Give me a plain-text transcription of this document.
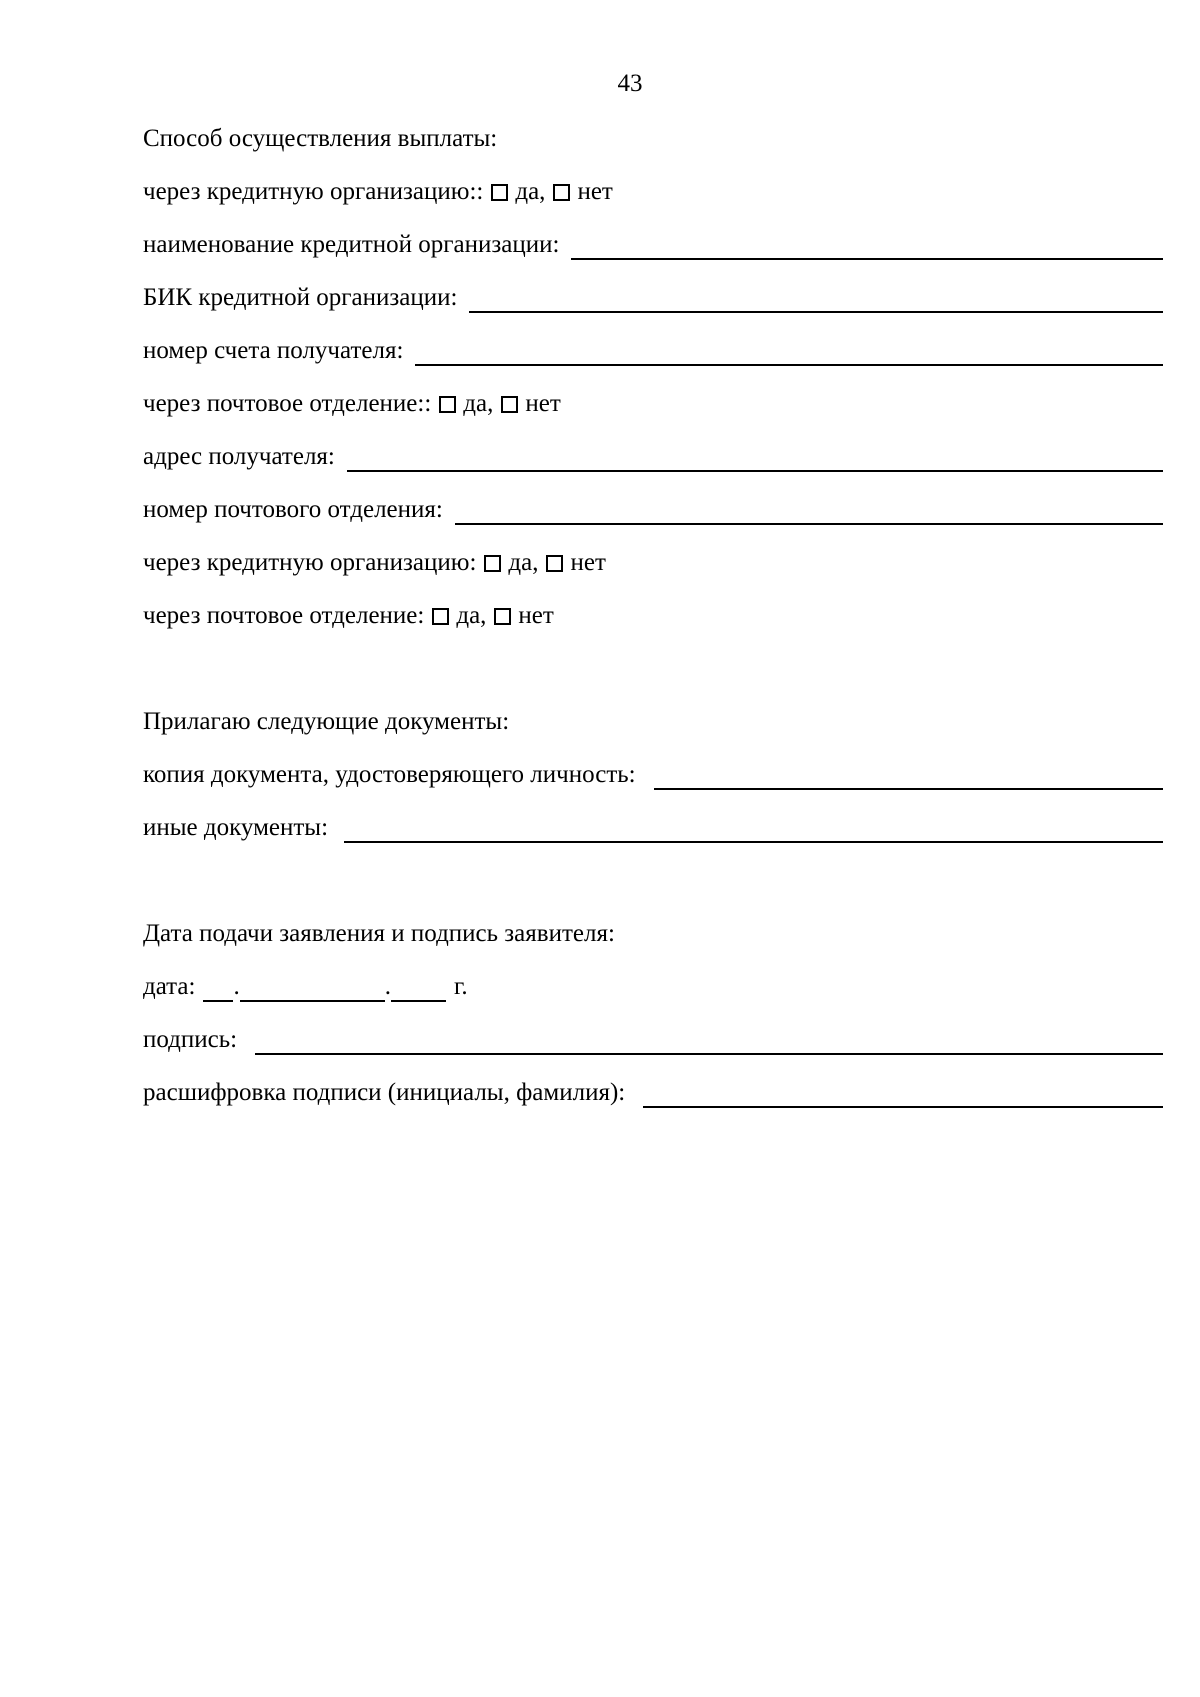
43
Способ осуществления выплаты:
через кредитную организацию:: да, нет
наименование кредитной организации:
БИК кредитной организации:
номер счета получателя:
через почтовое отделение:: да, нет
адрес получателя:
номер почтового отделения:
через кредитную организацию: да, нет
через почтовое отделение: да, нет
Прилагаю следующие документы:
копия документа, удостоверяющего личность:
иные документы:
Дата подачи заявления и подпись заявителя:
дата: .	.	г.
подпись:
расшифровка подписи (инициалы, фамилия):
